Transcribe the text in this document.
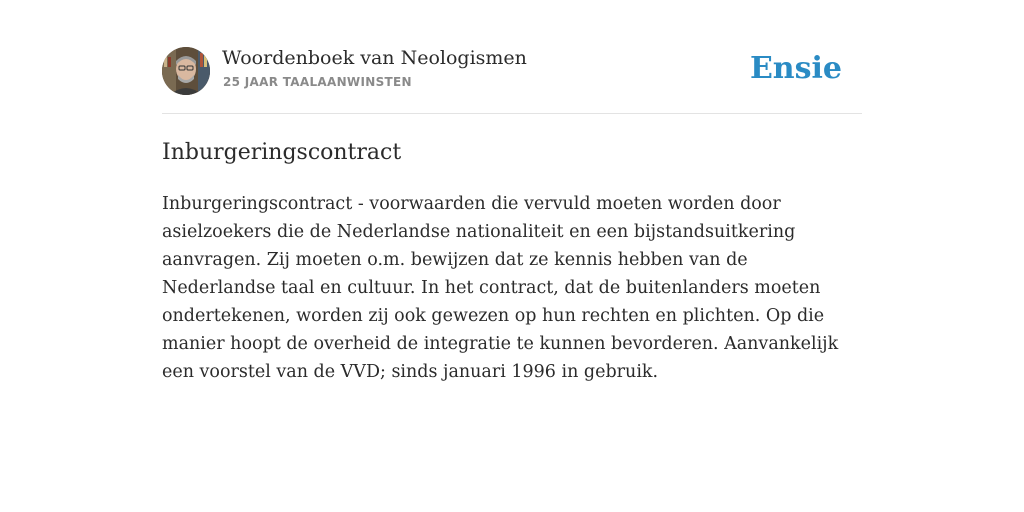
Woordenboek van Neologismen
25 JAAR TAALAANWINSTEN	Ensie
Inburgeringscontract

Inburgeringscontract - voorwaarden die vervuld moeten worden door asielzoekers die de Nederlandse nationaliteit en een bijstandsuitkering aanvragen. Zij moeten o.m. bewijzen dat ze kennis hebben van de Nederlandse taal en cultuur. In het contract, dat de buitenlanders moeten ondertekenen, worden zij ook gewezen op hun rechten en plichten. Op die manier hoopt de overheid de integratie te kunnen bevorderen. Aanvankelijk een voorstel van de VVD; sinds januari 1996 in gebruik.
